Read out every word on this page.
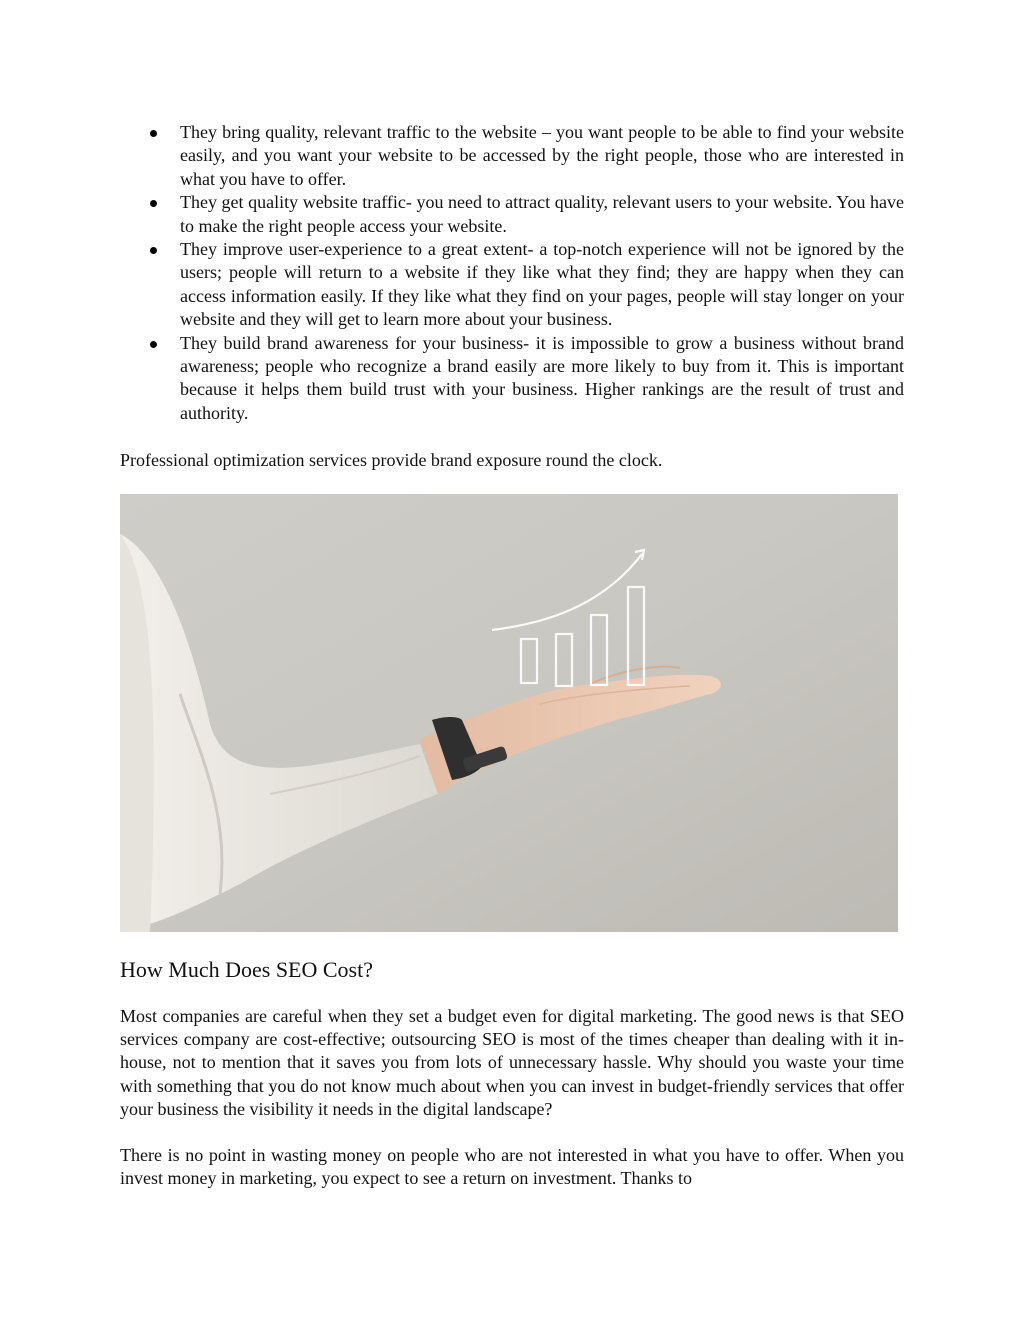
They bring quality, relevant traffic to the website – you want people to be able to find your website easily, and you want your website to be accessed by the right people, those who are interested in what you have to offer.
They get quality website traffic- you need to attract quality, relevant users to your website. You have to make the right people access your website.
They improve user-experience to a great extent- a top-notch experience will not be ignored by the users; people will return to a website if they like what they find; they are happy when they can access information easily. If they like what they find on your pages, people will stay longer on your website and they will get to learn more about your business.
They build brand awareness for your business- it is impossible to grow a business without brand awareness; people who recognize a brand easily are more likely to buy from it. This is important because it helps them build trust with your business. Higher rankings are the result of trust and authority.

Professional optimization services provide brand exposure round the clock.

How Much Does SEO Cost?

Most companies are careful when they set a budget even for digital marketing. The good news is that SEO services company are cost-effective; outsourcing SEO is most of the times cheaper than dealing with it in-house, not to mention that it saves you from lots of unnecessary hassle. Why should you waste your time with something that you do not know much about when you can invest in budget-friendly services that offer your business the visibility it needs in the digital landscape?

There is no point in wasting money on people who are not interested in what you have to offer. When you invest money in marketing, you expect to see a return on investment. Thanks to
